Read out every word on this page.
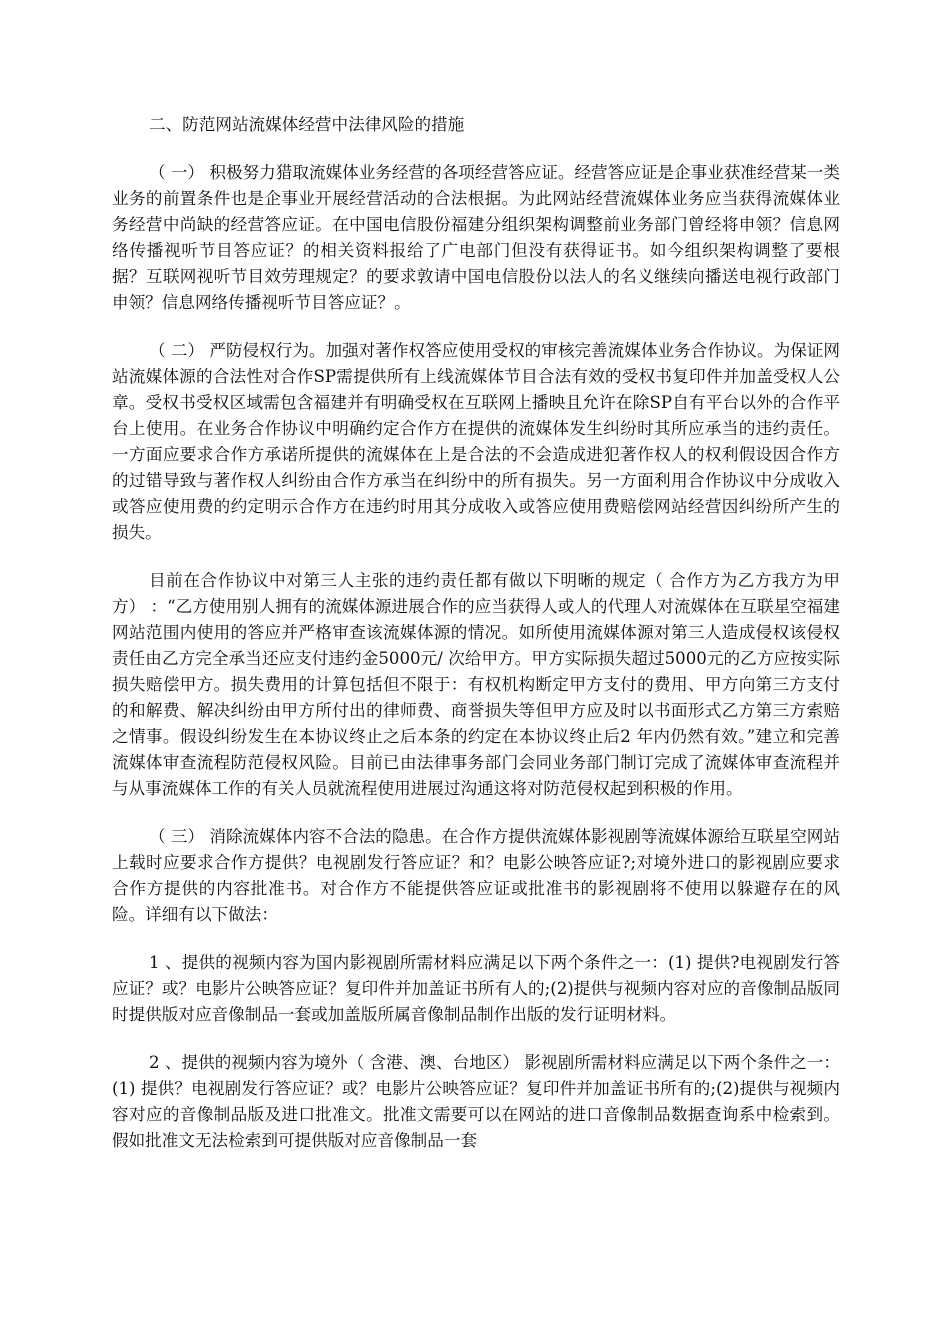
二、防范网站流媒体经营中法律风险的措施
（ 一） 积极努力猎取流媒体业务经营的各项经营答应证。经营答应证是企事业获准经营某一类业务的前置条件也是企事业开展经营活动的合法根据。为此网站经营流媒体业务应当获得流媒体业务经营中尚缺的经营答应证。在中国电信股份福建分组织架构调整前业务部门曾经将申领？信息网络传播视听节目答应证？的相关资料报给了广电部门但没有获得证书。如今组织架构调整了要根据？互联网视听节目效劳理规定？的要求敦请中国电信股份以法人的名义继续向播送电视行政部门申领？信息网络传播视听节目答应证？。
（ 二） 严防侵权行为。加强对著作权答应使用受权的审核完善流媒体业务合作协议。为保证网站流媒体源的合法性对合作SP需提供所有上线流媒体节目合法有效的受权书复印件并加盖受权人公章。受权书受权区域需包含福建并有明确受权在互联网上播映且允许在除SP自有平台以外的合作平台上使用。在业务合作协议中明确约定合作方在提供的流媒体发生纠纷时其所应承当的违约责任。一方面应要求合作方承诺所提供的流媒体在上是合法的不会造成进犯著作权人的权利假设因合作方的过错导致与著作权人纠纷由合作方承当在纠纷中的所有损失。另一方面利用合作协议中分成收入或答应使用费的约定明示合作方在违约时用其分成收入或答应使用费赔偿网站经营因纠纷所产生的损失。
目前在合作协议中对第三人主张的违约责任都有做以下明晰的规定（ 合作方为乙方我方为甲方） ：“乙方使用别人拥有的流媒体源进展合作的应当获得人或人的代理人对流媒体在互联星空福建网站范围内使用的答应并严格审查该流媒体源的情况。如所使用流媒体源对第三人造成侵权该侵权责任由乙方完全承当还应支付违约金5000元/ 次给甲方。甲方实际损失超过5000元的乙方应按实际损失赔偿甲方。损失费用的计算包括但不限于：有权机构断定甲方支付的费用、甲方向第三方支付的和解费、解决纠纷由甲方所付出的律师费、商誉损失等但甲方应及时以书面形式乙方第三方索赔之情事。假设纠纷发生在本协议终止之后本条的约定在本协议终止后2 年内仍然有效。”建立和完善流媒体审查流程防范侵权风险。目前已由法律事务部门会同业务部门制订完成了流媒体审查流程并与从事流媒体工作的有关人员就流程使用进展过沟通这将对防范侵权起到积极的作用。
（ 三） 消除流媒体内容不合法的隐患。在合作方提供流媒体影视剧等流媒体源给互联星空网站上载时应要求合作方提供？电视剧发行答应证？和？电影公映答应证?;对境外进口的影视剧应要求合作方提供的内容批准书。对合作方不能提供答应证或批准书的影视剧将不使用以躲避存在的风险。详细有以下做法：
1 、提供的视频内容为国内影视剧所需材料应满足以下两个条件之一：(1) 提供?电视剧发行答应证？或？电影片公映答应证？复印件并加盖证书所有人的;(2)提供与视频内容对应的音像制品版同时提供版对应音像制品一套或加盖版所属音像制品制作出版的发行证明材料。
2 、提供的视频内容为境外（ 含港、澳、台地区） 影视剧所需材料应满足以下两个条件之一：(1) 提供？电视剧发行答应证？或？电影片公映答应证？复印件并加盖证书所有的;(2)提供与视频内容对应的音像制品版及进口批准文。批准文需要可以在网站的进口音像制品数据查询系中检索到。假如批准文无法检索到可提供版对应音像制品一套
